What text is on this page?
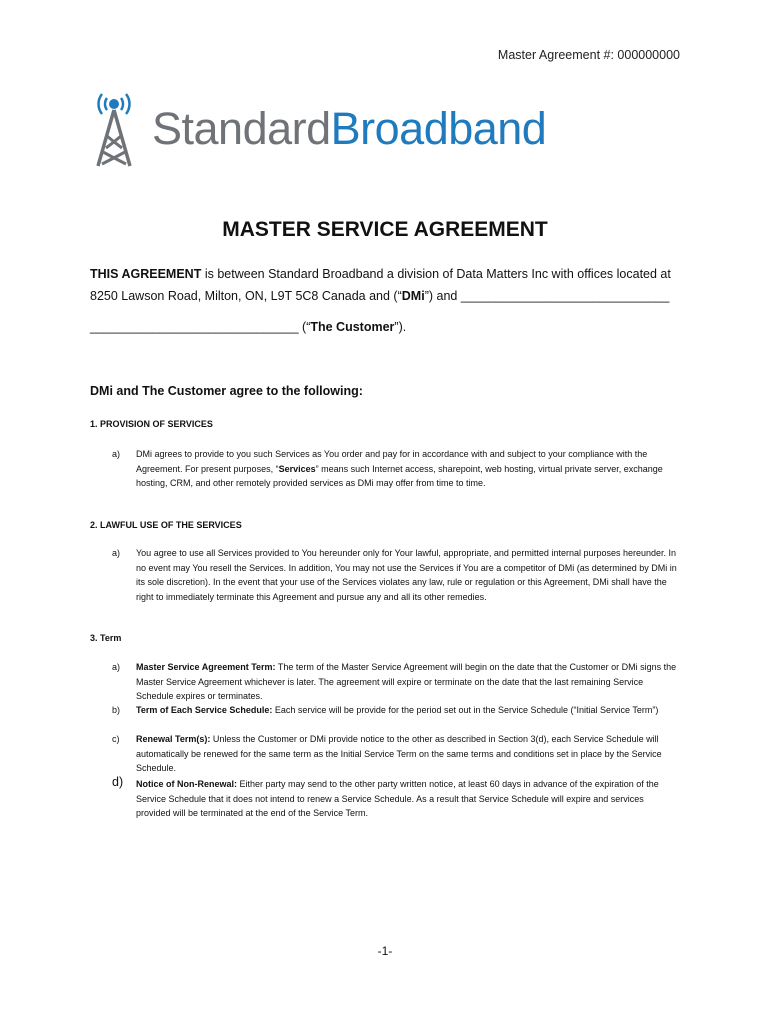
Master Agreement #: 000000000
StandardBroadband
MASTER SERVICE AGREEMENT
THIS AGREEMENT is between Standard Broadband a division of Data Matters Inc with offices located at
8250 Lawson Road, Milton, ON, L9T 5C8 Canada and (“DMi”) and ______________________________
______________________________ (“The Customer”).
DMi and The Customer agree to the following:
1. PROVISION OF SERVICES
a) DMi agrees to provide to you such Services as You order and pay for in accordance with and subject to your compliance with the Agreement. For present purposes, “Services” means such Internet access, sharepoint, web hosting, virtual private server, exchange hosting, CRM, and other remotely provided services as DMi may offer from time to time.
2. LAWFUL USE OF THE SERVICES
a) You agree to use all Services provided to You hereunder only for Your lawful, appropriate, and permitted internal purposes hereunder. In no event may You resell the Services. In addition, You may not use the Services if You are a competitor of DMi (as determined by DMi in its sole discretion). In the event that your use of the Services violates any law, rule or regulation or this Agreement, DMi shall have the right to immediately terminate this Agreement and pursue any and all its other remedies.
3. Term
a) Master Service Agreement Term: The term of the Master Service Agreement will begin on the date that the Customer or DMi signs the Master Service Agreement whichever is later. The agreement will expire or terminate on the date that the last remaining Service Schedule expires or terminates.
b) Term of Each Service Schedule: Each service will be provide for the period set out in the Service Schedule (“Initial Service Term”)
c) Renewal Term(s): Unless the Customer or DMi provide notice to the other as described in Section 3(d), each Service Schedule will automatically be renewed for the same term as the Initial Service Term on the same terms and conditions set in place by the Service Schedule.
d) Notice of Non-Renewal: Either party may send to the other party written notice, at least 60 days in advance of the expiration of the Service Schedule that it does not intend to renew a Service Schedule. As a result that Service Schedule will expire and services provided will be terminated at the end of the Service Term.
-1-
